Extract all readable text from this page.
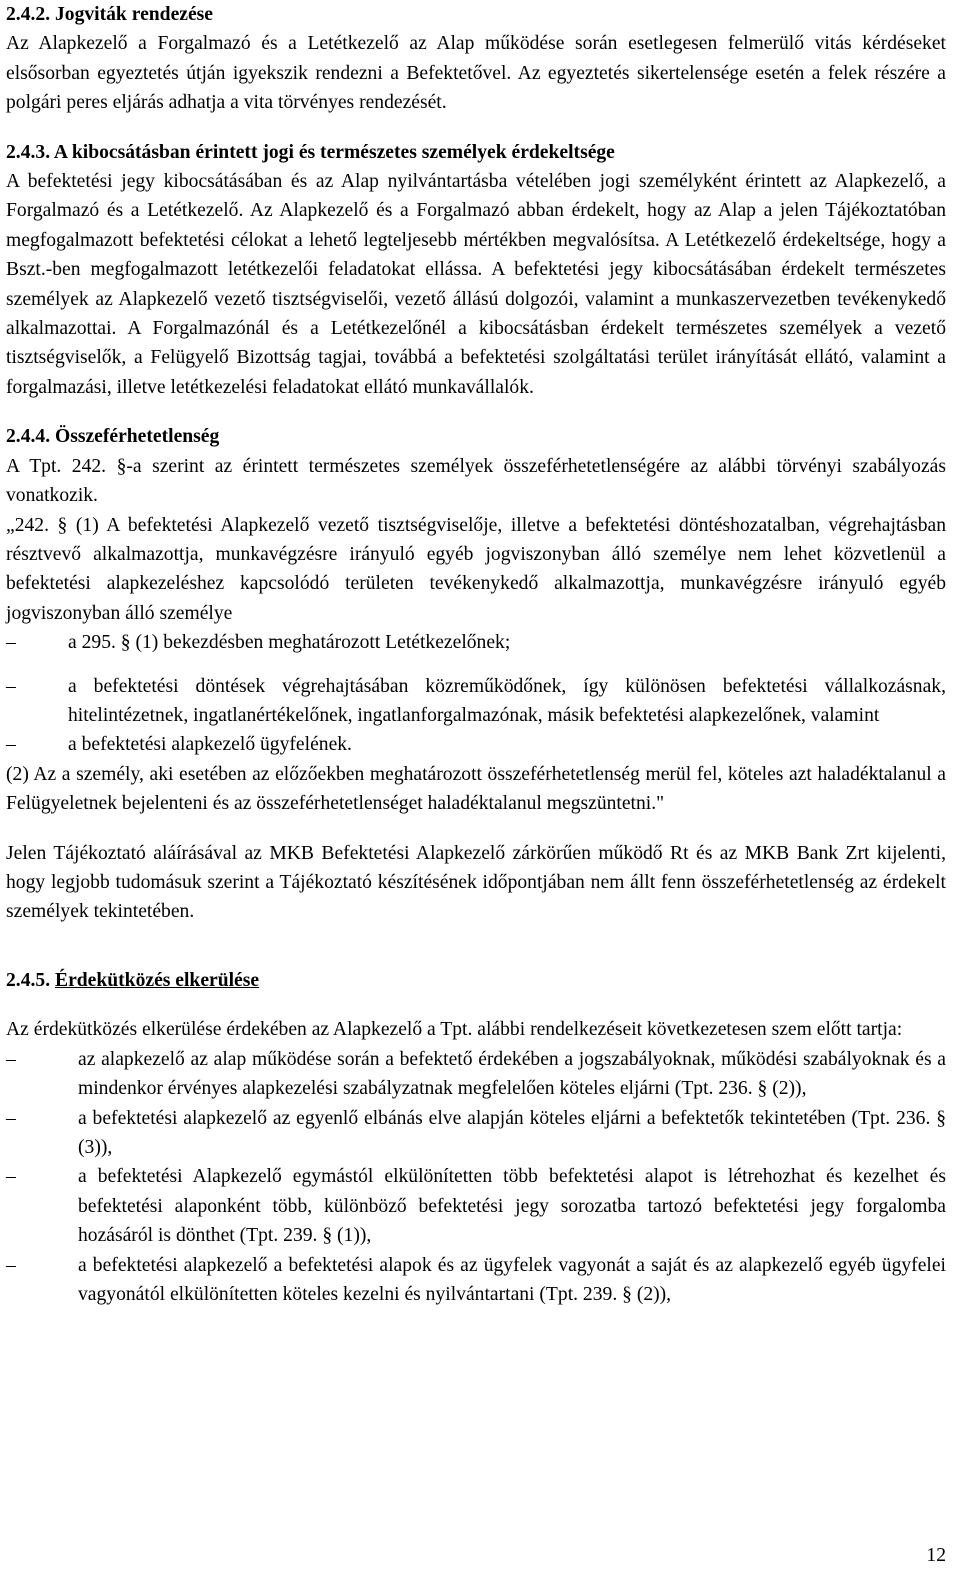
2.4.2. Jogviták rendezése

Az Alapkezelő a Forgalmazó és a Letétkezelő az Alap működése során esetlegesen felmerülő vitás kérdéseket elsősorban egyeztetés útján igyekszik rendezni a Befektetővel. Az egyeztetés sikertelensége esetén a felek részére a polgári peres eljárás adhatja a vita törvényes rendezését.

2.4.3. A kibocsátásban érintett jogi és természetes személyek érdekeltsége

A befektetési jegy kibocsátásában és az Alap nyilvántartásba vételében jogi személyként érintett az Alapkezelő, a Forgalmazó és a Letétkezelő. Az Alapkezelő és a Forgalmazó abban érdekelt, hogy az Alap a jelen Tájékoztatóban megfogalmazott befektetési célokat a lehető legteljesebb mértékben megvalósítsa. A Letétkezelő érdekeltsége, hogy a Bszt.-ben megfogalmazott letétkezelői feladatokat ellássa. A befektetési jegy kibocsátásában érdekelt természetes személyek az Alapkezelő vezető tisztségviselői, vezető állású dolgozói, valamint a munkaszervezetben tevékenykedő alkalmazottai. A Forgalmazónál és a Letétkezelőnél a kibocsátásban érdekelt természetes személyek a vezető tisztségviselők, a Felügyelő Bizottság tagjai, továbbá a befektetési szolgáltatási terület irányítását ellátó, valamint a forgalmazási, illetve letétkezelési feladatokat ellátó munkavállalók.

2.4.4. Összeférhetetlenség

A Tpt. 242. §-a szerint az érintett természetes személyek összeférhetetlenségére az alábbi törvényi szabályozás vonatkozik.

„242. § (1) A befektetési Alapkezelő vezető tisztségviselője, illetve a befektetési döntéshozatalban, végrehajtásban résztvevő alkalmazottja, munkavégzésre irányuló egyéb jogviszonyban álló személye nem lehet közvetlenül a befektetési alapkezeléshez kapcsolódó területen tevékenykedő alkalmazottja, munkavégzésre irányuló egyéb jogviszonyban álló személye

–	a 295. § (1) bekezdésben meghatározott Letétkezelőnek;
–	a befektetési döntések végrehajtásában közreműködőnek, így különösen befektetési vállalkozásnak, hitelintézetnek, ingatlanértékelőnek, ingatlanforgalmazónak, másik befektetési alapkezelőnek, valamint
–	a befektetési alapkezelő ügyfelének.

(2) Az a személy, aki esetében az előzőekben meghatározott összeférhetetlenség merül fel, köteles azt haladéktalanul a Felügyeletnek bejelenteni és az összeférhetetlenséget haladéktalanul megszüntetni."

Jelen Tájékoztató aláírásával az MKB Befektetési Alapkezelő zárkörűen működő Rt és az MKB Bank Zrt kijelenti, hogy legjobb tudomásuk szerint a Tájékoztató készítésének időpontjában nem állt fenn összeférhetetlenség az érdekelt személyek tekintetében.

2.4.5. Érdekütközés elkerülése

Az érdekütközés elkerülése érdekében az Alapkezelő a Tpt. alábbi rendelkezéseit következetesen szem előtt tartja:

–	az alapkezelő az alap működése során a befektető érdekében a jogszabályoknak, működési szabályoknak és a mindenkor érvényes alapkezelési szabályzatnak megfelelően köteles eljárni (Tpt. 236. § (2)),
–	a befektetési alapkezelő az egyenlő elbánás elve alapján köteles eljárni a befektetők tekintetében (Tpt. 236. § (3)),
–	a befektetési Alapkezelő egymástól elkülönítetten több befektetési alapot is létrehozhat és kezelhet és befektetési alaponként több, különböző befektetési jegy sorozatba tartozó befektetési jegy forgalomba hozásáról is dönthet (Tpt. 239. § (1)),
–	a befektetési alapkezelő a befektetési alapok és az ügyfelek vagyonát a saját és az alapkezelő egyéb ügyfelei vagyonától elkülönítetten köteles kezelni és nyilvántartani (Tpt. 239. § (2)),
12
